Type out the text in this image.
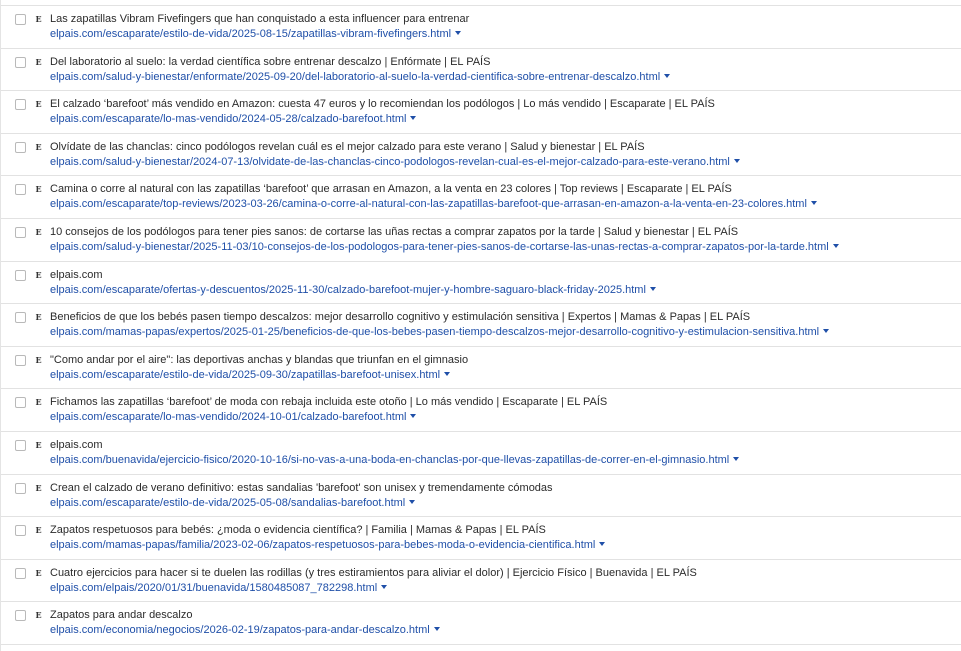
E Las zapatillas Vibram Fivefingers que han conquistado a esta influencer para entrenar
elpais.com/escaparate/estilo-de-vida/2025-08-15/zapatillas-vibram-fivefingers.html
E Del laboratorio al suelo: la verdad científica sobre entrenar descalzo | Enfórmate | EL PAÍS
elpais.com/salud-y-bienestar/enformate/2025-09-20/del-laboratorio-al-suelo-la-verdad-cientifica-sobre-entrenar-descalzo.html
E El calzado ‘barefoot’ más vendido en Amazon: cuesta 47 euros y lo recomiendan los podólogos | Lo más vendido | Escaparate | EL PAÍS
elpais.com/escaparate/lo-mas-vendido/2024-05-28/calzado-barefoot.html
E Olvídate de las chanclas: cinco podólogos revelan cuál es el mejor calzado para este verano | Salud y bienestar | EL PAÍS
elpais.com/salud-y-bienestar/2024-07-13/olvidate-de-las-chanclas-cinco-podologos-revelan-cual-es-el-mejor-calzado-para-este-verano.html
E Camina o corre al natural con las zapatillas ‘barefoot’ que arrasan en Amazon, a la venta en 23 colores | Top reviews | Escaparate | EL PAÍS
elpais.com/escaparate/top-reviews/2023-03-26/camina-o-corre-al-natural-con-las-zapatillas-barefoot-que-arrasan-en-amazon-a-la-venta-en-23-colores.html
E 10 consejos de los podólogos para tener pies sanos: de cortarse las uñas rectas a comprar zapatos por la tarde | Salud y bienestar | EL PAÍS
elpais.com/salud-y-bienestar/2025-11-03/10-consejos-de-los-podologos-para-tener-pies-sanos-de-cortarse-las-unas-rectas-a-comprar-zapatos-por-la-tarde.html
E elpais.com
elpais.com/escaparate/ofertas-y-descuentos/2025-11-30/calzado-barefoot-mujer-y-hombre-saguaro-black-friday-2025.html
E Beneficios de que los bebés pasen tiempo descalzos: mejor desarrollo cognitivo y estimulación sensitiva | Expertos | Mamas & Papas | EL PAÍS
elpais.com/mamas-papas/expertos/2025-01-25/beneficios-de-que-los-bebes-pasen-tiempo-descalzos-mejor-desarrollo-cognitivo-y-estimulacion-sensitiva.html
E "Como andar por el aire": las deportivas anchas y blandas que triunfan en el gimnasio
elpais.com/escaparate/estilo-de-vida/2025-09-30/zapatillas-barefoot-unisex.html
E Fichamos las zapatillas ‘barefoot’ de moda con rebaja incluida este otoño | Lo más vendido | Escaparate | EL PAÍS
elpais.com/escaparate/lo-mas-vendido/2024-10-01/calzado-barefoot.html
E elpais.com
elpais.com/buenavida/ejercicio-fisico/2020-10-16/si-no-vas-a-una-boda-en-chanclas-por-que-llevas-zapatillas-de-correr-en-el-gimnasio.html
E Crean el calzado de verano definitivo: estas sandalias 'barefoot' son unisex y tremendamente cómodas
elpais.com/escaparate/estilo-de-vida/2025-05-08/sandalias-barefoot.html
E Zapatos respetuosos para bebés: ¿moda o evidencia científica? | Familia | Mamas & Papas | EL PAÍS
elpais.com/mamas-papas/familia/2023-02-06/zapatos-respetuosos-para-bebes-moda-o-evidencia-cientifica.html
E Cuatro ejercicios para hacer si te duelen las rodillas (y tres estiramientos para aliviar el dolor) | Ejercicio Físico | Buenavida | EL PAÍS
elpais.com/elpais/2020/01/31/buenavida/1580485087_782298.html
E Zapatos para andar descalzo
elpais.com/economia/negocios/2026-02-19/zapatos-para-andar-descalzo.html
